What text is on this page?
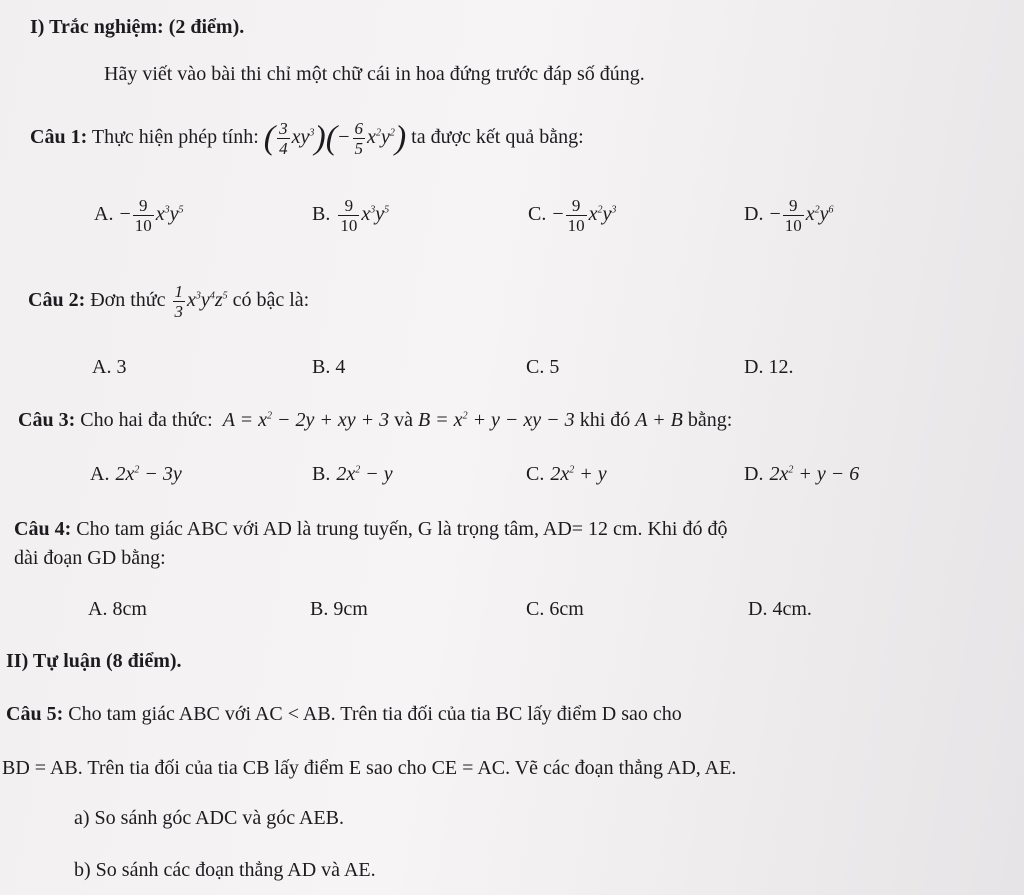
I) Trắc nghiệm: (2 điểm).
Hãy viết vào bài thi chỉ một chữ cái in hoa đứng trước đáp số đúng.
Câu 1: Thực hiện phép tính: ( $\frac{3}{4} xy^3)(- \frac{6}{5} x^2y^2)$ ta được kết quả bằng:
A. − $\frac{9}{10} x^3y^5$	B. $\frac{9}{10} x^3y^5$	C. − $\frac{9}{10} x^2y^3$	D. − $\frac{9}{10} x^2y^6$
Câu 2: Đơn thức $\frac{1}{3} x^3y^4z^5$ có bậc là:
A. 3	B. 4	C. 5	D. 12.
Câu 3: Cho hai đa thức: $A = x^2 - 2y$ + xy + 3 và $B = x^2 + y$ − xy − 3 khi đó A + B bằng:
A. $2x^2 - 3y$	B. $2x^2 - y$	C. $2x^2 + y$	D. $2x^2 + y - 6$
Câu 4: Cho tam giác ABC với AD là trung tuyến, G là trọng tâm, AD= 12 cm. Khi đó độ
dài đoạn GD bằng:
A. 8cm	B. 9cm	C. 6cm	D. 4cm.
II) Tự luận (8 điểm).
Câu 5: Cho tam giác ABC với AC < AB. Trên tia đối của tia BC lấy điểm D sao cho
BD = AB. Trên tia đối của tia CB lấy điểm E sao cho CE = AC. Vẽ các đoạn thẳng AD, AE.
a) So sánh góc ADC và góc AEB.
b) So sánh các đoạn thẳng AD và AE.
